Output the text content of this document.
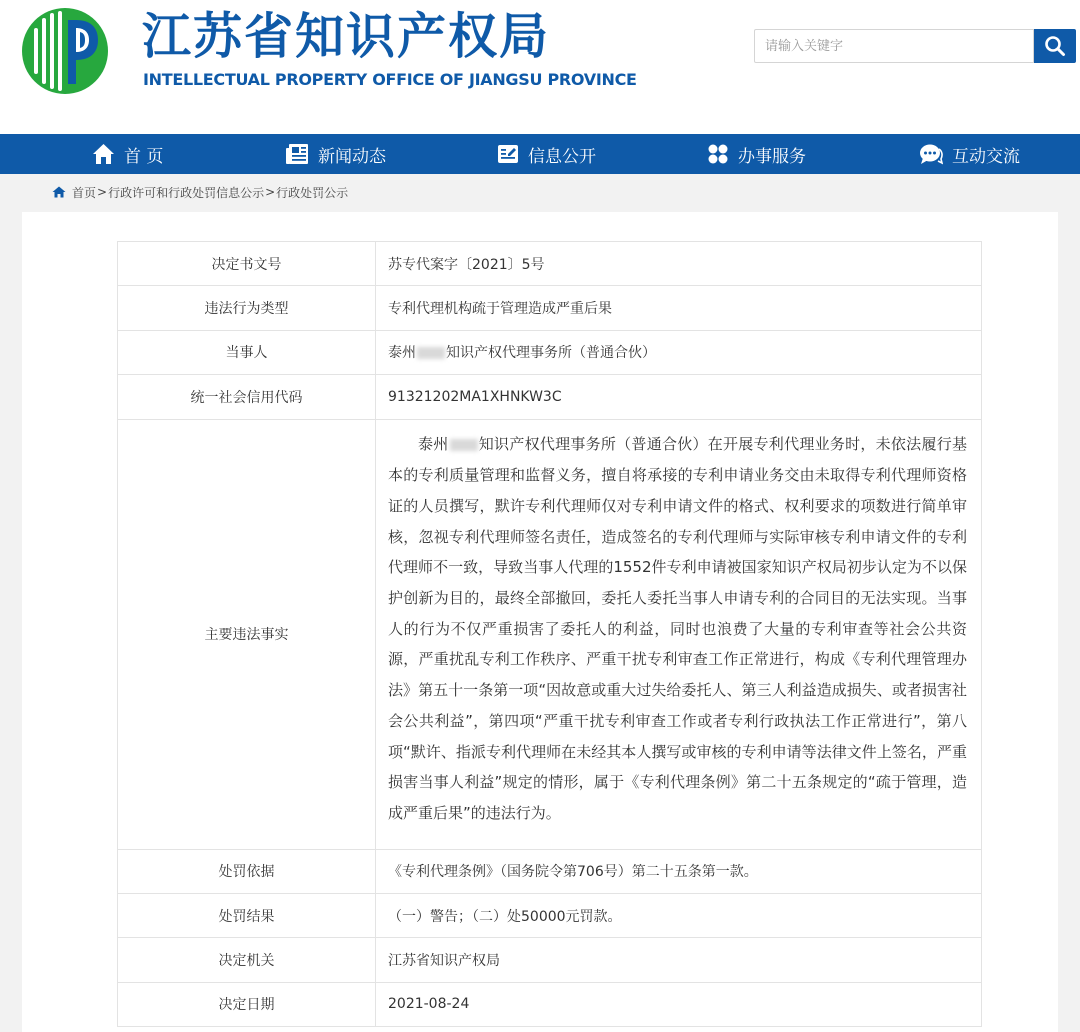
江苏省知识产权局
INTELLECTUAL PROPERTY OFFICE OF JIANGSU PROVINCE
请输入关键字
首 页	新闻动态	信息公开	办事服务	互动交流
首页 > 行政许可和行政处罚信息公示 > 行政处罚公示
决定书文号	苏专代案字〔2021〕5号
违法行为类型	专利代理机构疏于管理造成严重后果
当事人	泰州 知识产权代理事务所（普通合伙）
统一社会信用代码	91321202MA1XHNKW3C
主要违法事实	泰州 知识产权代理事务所（普通合伙）在开展专利代理业务时，未依法履行基本的专利质量管理和监督义务，擅自将承接的专利申请业务交由未取得专利代理师资格证的人员撰写，默许专利代理师仅对专利申请文件的格式、权利要求的项数进行简单审核，忽视专利代理师签名责任，造成签名的专利代理师与实际审核专利申请文件的专利代理师不一致，导致当事人代理的1552件专利申请被国家知识产权局初步认定为不以保护创新为目的，最终全部撤回，委托人委托当事人申请专利的合同目的无法实现。当事人的行为不仅严重损害了委托人的利益，同时也浪费了大量的专利审查等社会公共资源，严重扰乱专利工作秩序、严重干扰专利审查工作正常进行，构成《专利代理管理办法》第五十一条第一项“因故意或重大过失给委托人、第三人利益造成损失、或者损害社会公共利益”，第四项“严重干扰专利审查工作或者专利行政执法工作正常进行”，第八项“默许、指派专利代理师在未经其本人撰写或审核的专利申请等法律文件上签名，严重损害当事人利益”规定的情形，属于《专利代理条例》第二十五条规定的“疏于管理，造成严重后果”的违法行为。

处罚依据	《专利代理条例》（国务院令第706号）第二十五条第一款。
处罚结果	（一）警告；（二）处50000元罚款。
决定机关	江苏省知识产权局
决定日期	2021-08-24
